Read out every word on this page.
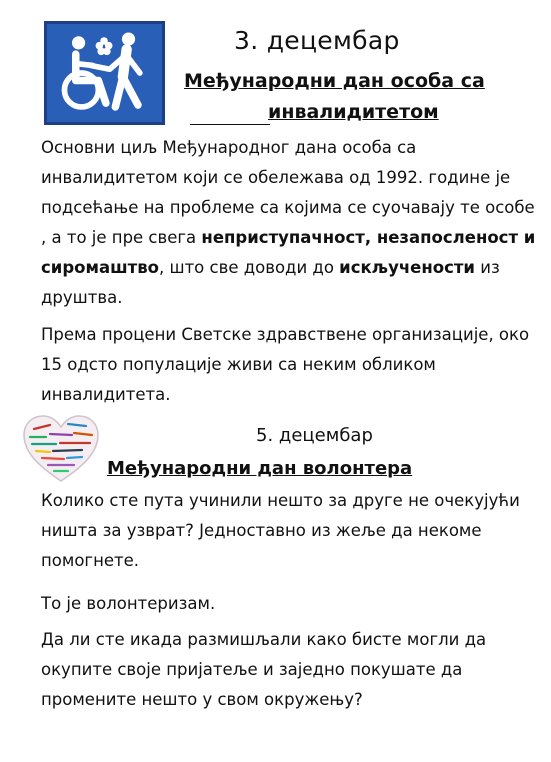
3. децембар
Међународни дан особа са
инвалидитетом
Основни циљ Међународног дана особа са инвалидитетом који се обележава од 1992. године је подсећање на проблеме са којима се суочавају те особе , а то је пре свега неприступачност, незапосленост и сиромаштво, што све доводи до искључености из друштва.
Према процени Светске здравствене организације, око 15 одсто популације живи са неким обликом инвалидитета.
5. децембар
Међународни дан волонтера
Колико сте пута учинили нешто за друге не очекујући ништа за узврат? Једноставно из жеље да некоме помогнете.
То је волонтеризам.
Да ли сте икада размишљали како бисте могли да окупите своје пријатеље и заједно покушате да промените нешто у свом окружењу?
